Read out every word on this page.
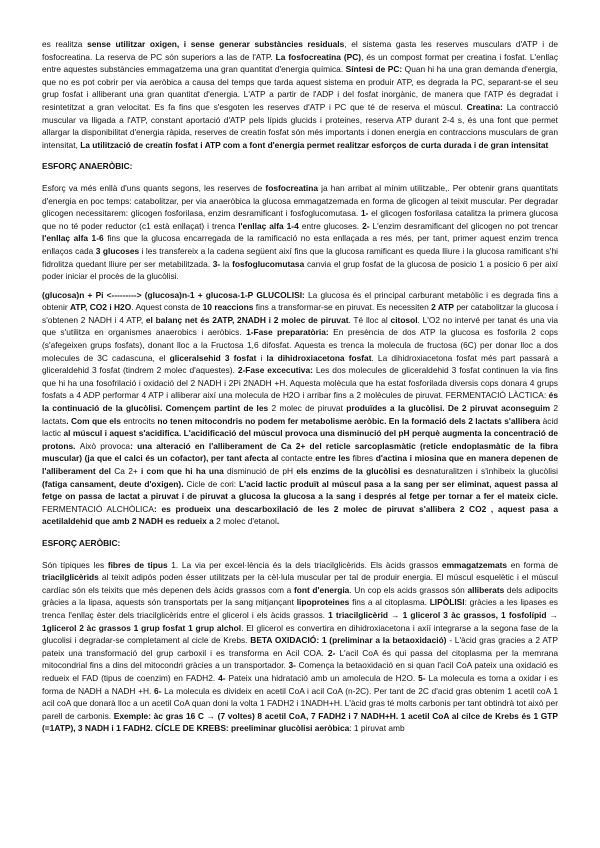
es realitza sense utilitzar oxigen, i sense generar substàncies residuals, el sistema gasta les reserves musculars d'ATP i de fosfocreatina. La reserva de PC són superiors a las de l'ATP. La fosfocreatina (PC), és un compost format per creatina i fosfat. L'enllaç entre aquestes substàncies emmagatzema una gran quantitat d'energia química. Síntesi de PC: Quan hi ha una gran demanda d'energia, que no es pot cobrir per via aeròbica a causa del temps que tarda aquest sistema en produir ATP, es degrada la PC, separant-se el seu grup fosfat i alliberant una gran quantitat d'energia. L'ATP a partir de l'ADP i del fosfat inorgànic, de manera que l'ATP és degradat i resintetitzat a gran velocitat. Es fa fins que s'esgoten les reserves d'ATP i PC que té de reserva el múscul. Creatina: La contracció muscular va lligada a l'ATP, constant aportació d'ATP pels lípids glucids i proteines, reserva ATP durant 2-4 s, és una font que permet allargar la disponibilitat d'energia ràpida, reserves de creatin fosfat són més importants i donen energia en contraccions musculars de gran intensitat, La utilització de creatín fosfat i ATP com a font d'energia permet realitzar esforços de curta durada i de gran intensitat

ESFORÇ ANAERÒBIC:

Esforç va més enllà d'uns quants segons, les reserves de fosfocreatina ja han arribat al mínim utilitzable,. Per obtenir grans quantitats d'energia en poc temps: catabolitzar, per via anaeròbica la glucosa emmagatzemada en forma de glicogen al teixit muscular. Per degradar glicogen necessitarem: glicogen fosforilasa, enzim desramificant i fosfoglucomutasa. 1- el glicogen fosforilasa catalitza la primera glucosa que no té poder reductor (c1 està enllaçat) i trenca l'enllaç alfa 1-4 entre glucoses. 2- L'enzim desramificant del glicogen no pot trencar l'enllaç alfa 1-6 fins que la glucosa encarregada de la ramificació no esta enllaçada a res més, per tant, primer aquest enzim trenca enllaços cada 3 glucoses i les transfereix a la cadena següent així fins que la glucosa ramificant es queda lliure i la glucosa ramificant s'hi fidrolitza quedant lliure per ser metabilitzada. 3- la fosfoglucomutasa canvia el grup fosfat de la glucosa de posicio 1 a posicio 6 per així poder iniciar el procès de la glucòlisi.

(glucosa)n + Pi <---------> (glucosa)n-1 + glucosa-1-P GLUCOLISI: La glucosa és el principal carburant metabòlic i es degrada fins a obtenir ATP, CO2 i H2O. Aquest consta de 10 reaccions fins a transformar-se en piruvat. Es necessiten 2 ATP per catabolitzar la glucosa i s'obtenen 2 NADH i 4 ATP, el balanç net és 2ATP, 2NADH i 2 molec de piruvat. Té lloc al citosol. L'O2 no intervé per tanat és una via que s'utilitza en organismes anaerobics i aeròbics. 1-Fase preparatòria: En presència de dos ATP la glucosa es fosforila 2 cops (s'afegeixen grups fosfats), donant lloc a la Fructosa 1,6 difosfat. Aquesta es trenca la molecula de fructosa (6C) per donar lloc a dos molecules de 3C cadascuna, el gliceralsehid 3 fosfat i la dihidroxiacetona fosfat. La dihidroxiacetona fosfat més part passarà a gliceraldehid 3 fosfat (tindrem 2 molec d'aquestes). 2-Fase excecutiva: Les dos molecules de gliceraldehid 3 fosfat continuen la via fins que hi ha una fosofrilació i oxidació del 2 NADH i 2Pi 2NADH +H. Aquesta molècula que ha estat fosforilada diversis cops donara 4 grups fosfats a 4 ADP performar 4 ATP i alliberar així una molecula de H2O i arribar fins a 2 molècules de piruvat. FERMENTACIÓ LÀCTICA: és la continuació de la glucòlisi. Començem partint de les 2 molec de piruvat produïdes a la glucòlisi. De 2 piruvat aconseguim 2 lactats. Com que els entrocits no tenen mitocondris no podem fer metabolisme aeròbic. En la formació dels 2 lactats s'allibera àcid lactic al múscul i aquest s'acidifica. L'acidificació del múscul provoca una disminució del pH perquè augmenta la concentració de protons. Això provoca: una alteració en l'alliberament de Ca 2+ del reticle sarcoplasmàtic (reticle endoplasmàtic de la fibra muscular) (ja que el calci és un cofactor), per tant afecta al contacte entre les fibres d'actina i miosina que en manera depenen de l'alliberament del Ca 2+ i com que hi ha una disminució de pH els enzims de la glucòlisi es desnaturalitzen i s'inhibeix la glucòlisi (fatiga cansament, deute d'oxigen). Cicle de cori: L'acid lactic produït al múscul pasa a la sang per ser eliminat, aquest passa al fetge on passa de lactat a piruvat i de piruvat a glucosa la glucosa a la sang i després al fetge per tornar a fer el mateix cicle. FERMENTACIÓ ALCHÒLICA: es produeix una descarboxilació de les 2 molec de piruvat s'allibera 2 CO2 , aquest pasa a acetilaldehid que amb 2 NADH es redueix a 2 molec d'etanol.

ESFORÇ AERÒBIC:

Són típiques les fibres de tipus 1. La via per excel·lència és la dels triacilglicèrids. Els àcids grassos emmagatzemats en forma de triacilglicèrids al teixit adipós poden ésser utilitzats per la cèl·lula muscular per tal de produir energia. El múscul esquelètic i el múscul cardíac són els teixits que més depenen dels àcids grassos com a font d'energia. Un cop els acids grassos són alliberats dels adipocits gràcies a la lipasa, aquests són transportats per la sang mitjançant lipoproteines fins a al citoplasma. LIPÒLISI: gràcies a les lipases es trenca l'enllaç èster dels triacilglicèrids entre el glicerol i els àcids grassos. 1 triacilglicèrid → 1 glicerol 3 àc grassos, 1 fosfolípid → 1glicerol 2 àc grassos 1 grup fosfat 1 grup alchol. El glicerol es convertira en dihidroxiacetona i axíí integrarse a la segona fase de la glucolisi i degradar-se completament al cicle de Krebs. BETA OXIDACIÓ: 1 (preliminar a la betaoxidació) - L'àcid gras gracies a 2 ATP pateix una transformació del grup carboxil i es transforma en Acil COA. 2- L'acil CoA és qui passa del citoplasma per la memrana mitocondrial fins a dins del mitocondri gràcies a un transportador. 3- Comença la betaoxidació en si quan l'acil CoA pateix una oxidació es redueix el FAD (tipus de coenzim) en FADH2. 4- Pateix una hidratació amb un amolecula de H2O. 5- La molecula es torna a oxidar i es forma de NADH a NADH +H. 6- La molecula es divideix en acetil CoA i acil CoA (n-2C). Per tant de 2C d'acid gras obtenim 1 acetil coA 1 acil coA que donarà lloc a un acetil CoA quan doni la volta 1 FADH2 i 1NADH+H. L'àcid gras té molts carbonis per tant obtindrà tot això per parell de carbonis. Exemple: àc gras 16 C → (7 voltes) 8 acetil CoA, 7 FADH2 i 7 NADH+H. 1 acetil CoA al cilce de Krebs és 1 GTP (=1ATP), 3 NADH i 1 FADH2. CÍCLE DE KREBS: preeliminar glucòlisi aeròbica: 1 piruvat amb
